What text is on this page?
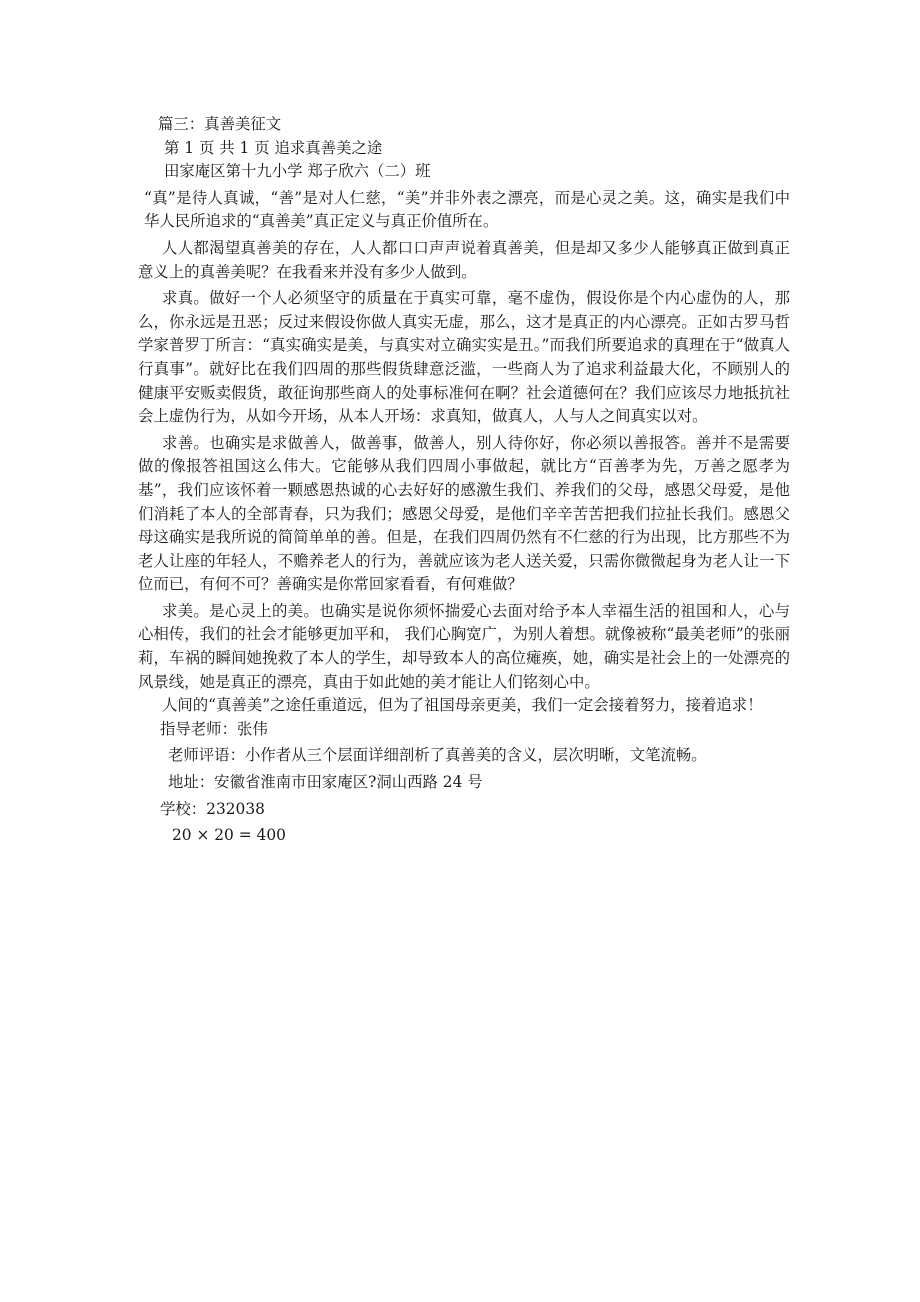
篇三：真善美征文
第 1 页 共 1 页 追求真善美之途
田家庵区第十九小学 郑子欣六（二）班
“真”是待人真诚，“善”是对人仁慈，“美”并非外表之漂亮，而是心灵之美。这，确实是我们中华人民所追求的“真善美”真正定义与真正价值所在。
人人都渴望真善美的存在，人人都口口声声说着真善美，但是却又多少人能够真正做到真正意义上的真善美呢？在我看来并没有多少人做到。
求真。做好一个人必须坚守的质量在于真实可靠，毫不虚伪，假设你是个内心虚伪的人，那么，你永远是丑恶；反过来假设你做人真实无虚，那么，这才是真正的内心漂亮。正如古罗马哲学家普罗丁所言：“真实确实是美，与真实对立确实实是丑。”而我们所要追求的真理在于“做真人 行真事”。就好比在我们四周的那些假货肆意泛滥，一些商人为了追求利益最大化，不顾别人的健康平安贩卖假货，敢征询那些商人的处事标准何在啊？社会道德何在？我们应该尽力地抵抗社会上虚伪行为，从如今开场，从本人开场：求真知，做真人，人与人之间真实以对。
求善。也确实是求做善人，做善事，做善人，别人待你好，你必须以善报答。善并不是需要做的像报答祖国这么伟大。它能够从我们四周小事做起，就比方“百善孝为先，万善之愿孝为基”，我们应该怀着一颗感恩热诚的心去好好的感激生我们、养我们的父母，感恩父母爱，是他们消耗了本人的全部青春，只为我们；感恩父母爱，是他们辛辛苦苦把我们拉扯长我们。感恩父母这确实是我所说的简简单单的善。但是，在我们四周仍然有不仁慈的行为出现，比方那些不为老人让座的年轻人，不赡养老人的行为，善就应该为老人送关爱，只需你微微起身为老人让一下位而已，有何不可？善确实是你常回家看看，有何难做？
求美。是心灵上的美。也确实是说你须怀揣爱心去面对给予本人幸福生活的祖国和人，心与心相传，我们的社会才能够更加平和， 我们心胸宽广，为别人着想。就像被称“最美老师”的张丽莉，车祸的瞬间她挽救了本人的学生，却导致本人的高位瘫痪，她，确实是社会上的一处漂亮的风景线，她是真正的漂亮，真由于如此她的美才能让人们铭刻心中。
人间的“真善美”之途任重道远，但为了祖国母亲更美，我们一定会接着努力，接着追求！
指导老师：张伟
老师评语：小作者从三个层面详细剖析了真善美的含义，层次明晰，文笔流畅。
地址：安徽省淮南市田家庵区?洞山西路 24 号
学校：232038
20 × 20 = 400
